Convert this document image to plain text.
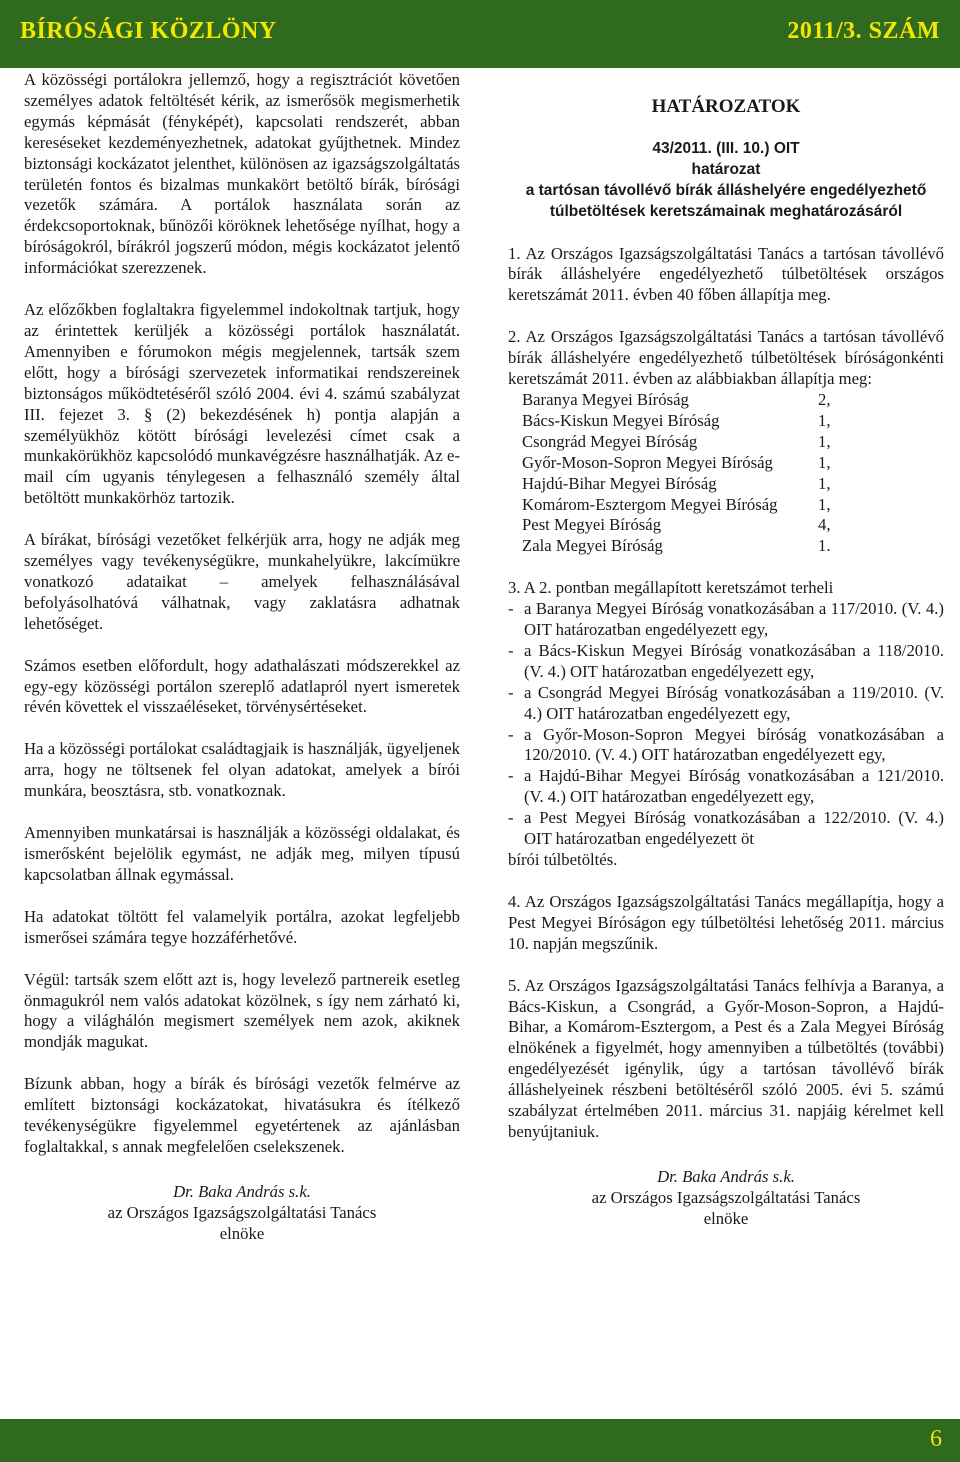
BÍRÓSÁGI KÖZLÖNY	2011/3. SZÁM

A közösségi portálokra jellemző, hogy a regisztrációt követően személyes adatok feltöltését kérik, az ismerősök megismerhetik egymás képmását (fényképét), kapcsolati rendszerét, abban kereséseket kezdeményezhetnek, adatokat gyűjthetnek. Mindez biztonsági kockázatot jelenthet, különösen az igazságszolgáltatás területén fontos és bizalmas munkakört betöltő bírák, bírósági vezetők számára. A portálok használata során az érdekcsoportoknak, bűnözői köröknek lehetősége nyílhat, hogy a bíróságokról, bírákról jogszerű módon, mégis kockázatot jelentő információkat szerezzenek.

Az előzőkben foglaltakra figyelemmel indokoltnak tartjuk, hogy az érintettek kerüljék a közösségi portálok használatát. Amennyiben e fórumokon mégis megjelennek, tartsák szem előtt, hogy a bírósági szervezetek informatikai rendszereinek biztonságos működtetéséről szóló 2004. évi 4. számú szabályzat III. fejezet 3. § (2) bekezdésének h) pontja alapján a személyükhöz kötött bírósági levelezési címet csak a munkakörükhöz kapcsolódó munkavégzésre használhatják. Az e-mail cím ugyanis ténylegesen a felhasználó személy által betöltött munkakörhöz tartozik.

A bírákat, bírósági vezetőket felkérjük arra, hogy ne adják meg személyes vagy tevékenységükre, munkahelyükre, lakcímükre vonatkozó adataikat – amelyek felhasználásával befolyásolhatóvá válhatnak, vagy zaklatásra adhatnak lehetőséget.

Számos esetben előfordult, hogy adathalászati módszerekkel az egy-egy közösségi portálon szereplő adatlapról nyert ismeretek révén követtek el visszaéléseket, törvénysértéseket.

Ha a közösségi portálokat családtagjaik is használják, ügyeljenek arra, hogy ne töltsenek fel olyan adatokat, amelyek a bírói munkára, beosztásra, stb. vonatkoznak.

Amennyiben munkatársai is használják a közösségi oldalakat, és ismerősként bejelölik egymást, ne adják meg, milyen típusú kapcsolatban állnak egymással.

Ha adatokat töltött fel valamelyik portálra, azokat legfeljebb ismerősei számára tegye hozzáférhetővé.

Végül: tartsák szem előtt azt is, hogy levelező partnereik esetleg önmagukról nem valós adatokat közölnek, s így nem zárható ki, hogy a világhálón megismert személyek nem azok, akiknek mondják magukat.

Bízunk abban, hogy a bírák és bírósági vezetők felmérve az említett biztonsági kockázatokat, hivatásukra és ítélkező tevékenységükre figyelemmel egyetértenek az ajánlásban foglaltakkal, s annak megfelelően cselekszenek.

Dr. Baka András s.k.
az Országos Igazságszolgáltatási Tanács
elnöke
HATÁROZATOK
43/2011. (III. 10.) OIT
határozat
a tartósan távollévő bírák álláshelyére engedélyezhető túlbetöltések keretszámainak meghatározásáról

1. Az Országos Igazságszolgáltatási Tanács a tartósan távollévő bírák álláshelyére engedélyezhető túlbetöltések országos keretszámát 2011. évben 40 főben állapítja meg.

2. Az Országos Igazságszolgáltatási Tanács a tartósan távollévő bírák álláshelyére engedélyezhető túlbetöltések bíróságonkénti keretszámát 2011. évben az alábbiakban állapítja meg:

Baranya Megyei Bíróság	2,
Bács-Kiskun Megyei Bíróság	1,
Csongrád Megyei Bíróság	1,
Győr-Moson-Sopron Megyei Bíróság	1,
Hajdú-Bihar Megyei Bíróság	1,
Komárom-Esztergom Megyei Bíróság	1,
Pest Megyei Bíróság	4,
Zala Megyei Bíróság	1.
3. A 2. pontban megállapított keretszámot terheli
- a Baranya Megyei Bíróság vonatkozásában a 117/2010. (V. 4.) OIT határozatban engedélyezett egy,
- a Bács-Kiskun Megyei Bíróság vonatkozásában a 118/2010. (V. 4.) OIT határozatban engedélyezett egy,
- a Csongrád Megyei Bíróság vonatkozásában a 119/2010. (V. 4.) OIT határozatban engedélyezett egy,
- a Győr-Moson-Sopron Megyei bíróság vonatkozásában a 120/2010. (V. 4.) OIT határozatban engedélyezett egy,
- a Hajdú-Bihar Megyei Bíróság vonatkozásában a 121/2010. (V. 4.) OIT határozatban engedélyezett egy,
- a Pest Megyei Bíróság vonatkozásában a 122/2010. (V. 4.) OIT határozatban engedélyezett öt
bírói túlbetöltés.

4. Az Országos Igazságszolgáltatási Tanács megállapítja, hogy a Pest Megyei Bíróságon egy túlbetöltési lehetőség 2011. március 10. napján megszűnik.

5. Az Országos Igazságszolgáltatási Tanács felhívja a Baranya, a Bács-Kiskun, a Csongrád, a Győr-Moson-Sopron, a Hajdú-Bihar, a Komárom-Esztergom, a Pest és a Zala Megyei Bíróság elnökének a figyelmét, hogy amennyiben a túlbetöltés (további) engedélyezését igénylik, úgy a tartósan távollévő bírák álláshelyeinek részbeni betöltéséről szóló 2005. évi 5. számú szabályzat értelmében 2011. március 31. napjáig kérelmet kell benyújtaniuk.

Dr. Baka András s.k.
az Országos Igazságszolgáltatási Tanács
elnöke
6
